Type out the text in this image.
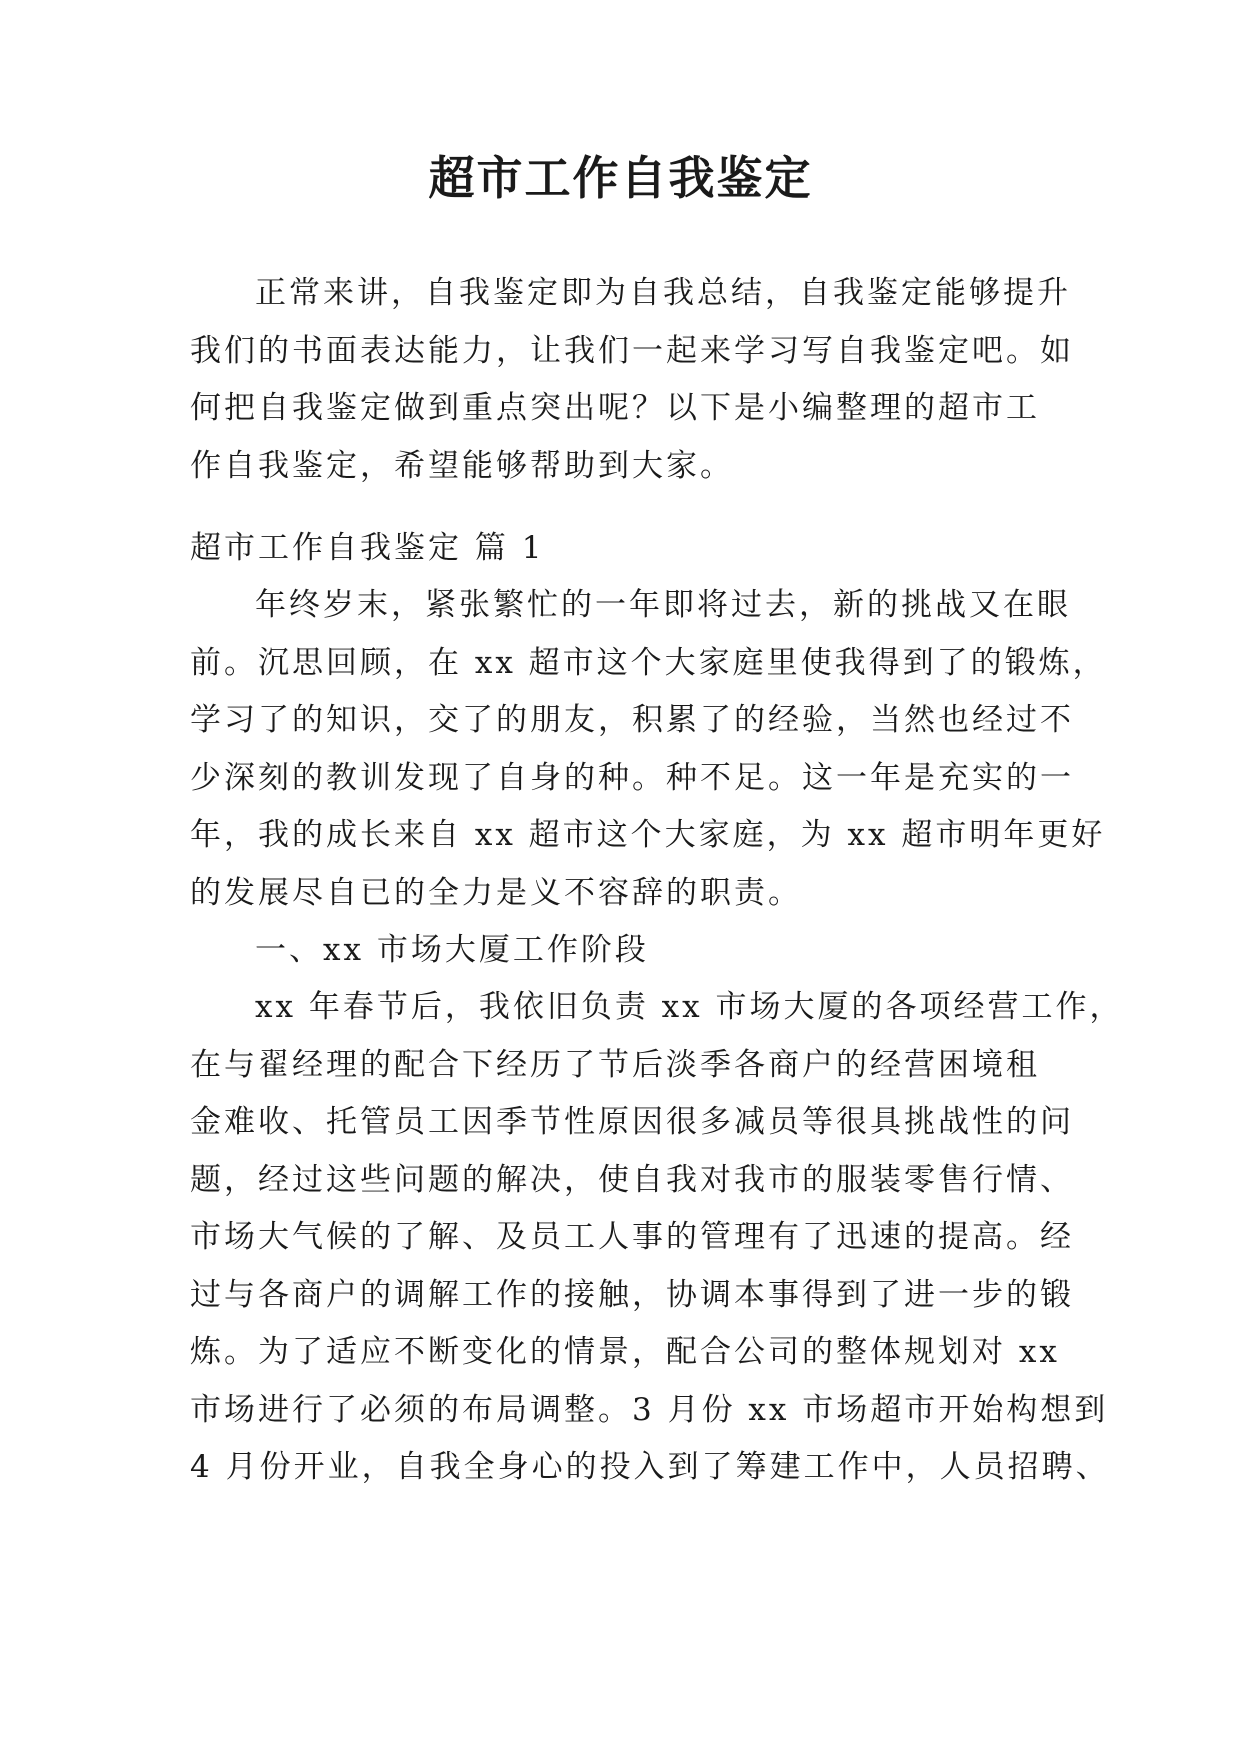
超市工作自我鉴定
正常来讲，自我鉴定即为自我总结，自我鉴定能够提升
我们的书面表达能力，让我们一起来学习写自我鉴定吧。如
何把自我鉴定做到重点突出呢？以下是小编整理的超市工
作自我鉴定，希望能够帮助到大家。
超市工作自我鉴定 篇 1
年终岁末，紧张繁忙的一年即将过去，新的挑战又在眼
前。沉思回顾，在 xx 超市这个大家庭里使我得到了的锻炼，
学习了的知识，交了的朋友，积累了的经验，当然也经过不
少深刻的教训发现了自身的种。种不足。这一年是充实的一
年，我的成长来自 xx 超市这个大家庭，为 xx 超市明年更好
的发展尽自已的全力是义不容辞的职责。
一、xx 市场大厦工作阶段
xx 年春节后，我依旧负责 xx 市场大厦的各项经营工作，
在与翟经理的配合下经历了节后淡季各商户的经营困境租
金难收、托管员工因季节性原因很多减员等很具挑战性的问
题，经过这些问题的解决，使自我对我市的服装零售行情、
市场大气候的了解、及员工人事的管理有了迅速的提高。经
过与各商户的调解工作的接触，协调本事得到了进一步的锻
炼。为了适应不断变化的情景，配合公司的整体规划对 xx
市场进行了必须的布局调整。3 月份 xx 市场超市开始构想到
4 月份开业，自我全身心的投入到了筹建工作中，人员招聘、
